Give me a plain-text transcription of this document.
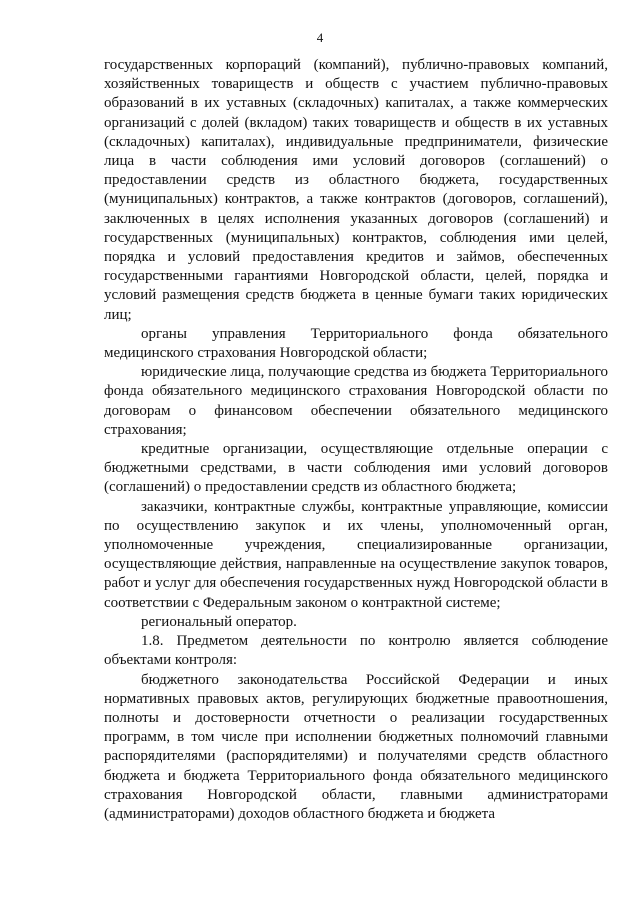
4

государственных корпораций (компаний), публично-правовых компаний, хозяйственных товариществ и обществ с участием публично-правовых образований в их уставных (складочных) капиталах, а также коммерческих организаций с долей (вкладом) таких товариществ и обществ в их уставных (складочных) капиталах), индивидуальные предприниматели, физические лица в части соблюдения ими условий договоров (соглашений) о предоставлении средств из областного бюджета, государственных (муниципальных) контрактов, а также контрактов (договоров, соглашений), заключенных в целях исполнения указанных договоров (соглашений) и государственных (муниципальных) контрактов, соблюдения ими целей, порядка и условий предоставления кредитов и займов, обеспеченных государственными гарантиями Новгородской области, целей, порядка и условий размещения средств бюджета в ценные бумаги таких юридических лиц;

органы управления Территориального фонда обязательного медицинского страхования Новгородской области;

юридические лица, получающие средства из бюджета Территориального фонда обязательного медицинского страхования Новгородской области по договорам о финансовом обеспечении обязательного медицинского страхования;

кредитные организации, осуществляющие отдельные операции с бюджетными средствами, в части соблюдения ими условий договоров (соглашений) о предоставлении средств из областного бюджета;

заказчики, контрактные службы, контрактные управляющие, комиссии по осуществлению закупок и их члены, уполномоченный орган, уполномоченные учреждения, специализированные организации, осуществляющие действия, направленные на осуществление закупок товаров, работ и услуг для обеспечения государственных нужд Новгородской области в соответствии с Федеральным законом о контрактной системе;

региональный оператор.

1.8. Предметом деятельности по контролю является соблюдение объектами контроля:

бюджетного законодательства Российской Федерации и иных нормативных правовых актов, регулирующих бюджетные правоотношения, полноты и достоверности отчетности о реализации государственных программ, в том числе при исполнении бюджетных полномочий главными распорядителями (распорядителями) и получателями средств областного бюджета и бюджета Территориального фонда обязательного медицинского страхования Новгородской области, главными администраторами (администраторами) доходов областного бюджета и бюджета
